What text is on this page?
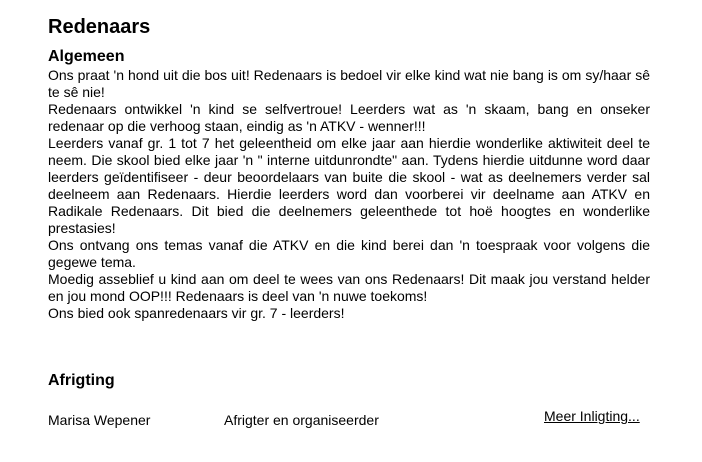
Redenaars
Algemeen

Ons praat 'n hond uit die bos uit! Redenaars is bedoel vir elke kind wat nie bang is om sy/haar sê te sê nie!

Redenaars ontwikkel 'n kind se selfvertroue! Leerders wat as 'n skaam, bang en onseker redenaar op die verhoog staan, eindig as 'n ATKV - wenner!!!

Leerders vanaf gr. 1 tot 7 het geleentheid om elke jaar aan hierdie wonderlike aktiwiteit deel te neem. Die skool bied elke jaar 'n " interne uitdunrondte" aan. Tydens hierdie uitdunne word daar leerders geïdentifiseer - deur beoordelaars van buite die skool - wat as deelnemers verder sal deelneem aan Redenaars. Hierdie leerders word dan voorberei vir deelname aan ATKV en Radikale Redenaars. Dit bied die deelnemers geleenthede tot hoë hoogtes en wonderlike prestasies!

Ons ontvang ons temas vanaf die ATKV en die kind berei dan 'n toespraak voor volgens die gegewe tema.

Moedig asseblief u kind aan om deel te wees van ons Redenaars! Dit maak jou verstand helder en jou mond OOP!!! Redenaars is deel van 'n nuwe toekoms!

Ons bied ook spanredenaars vir gr. 7 - leerders!

Afrigting
Marisa Wepener	Afrigter en organiseerder	Meer Inligting...
